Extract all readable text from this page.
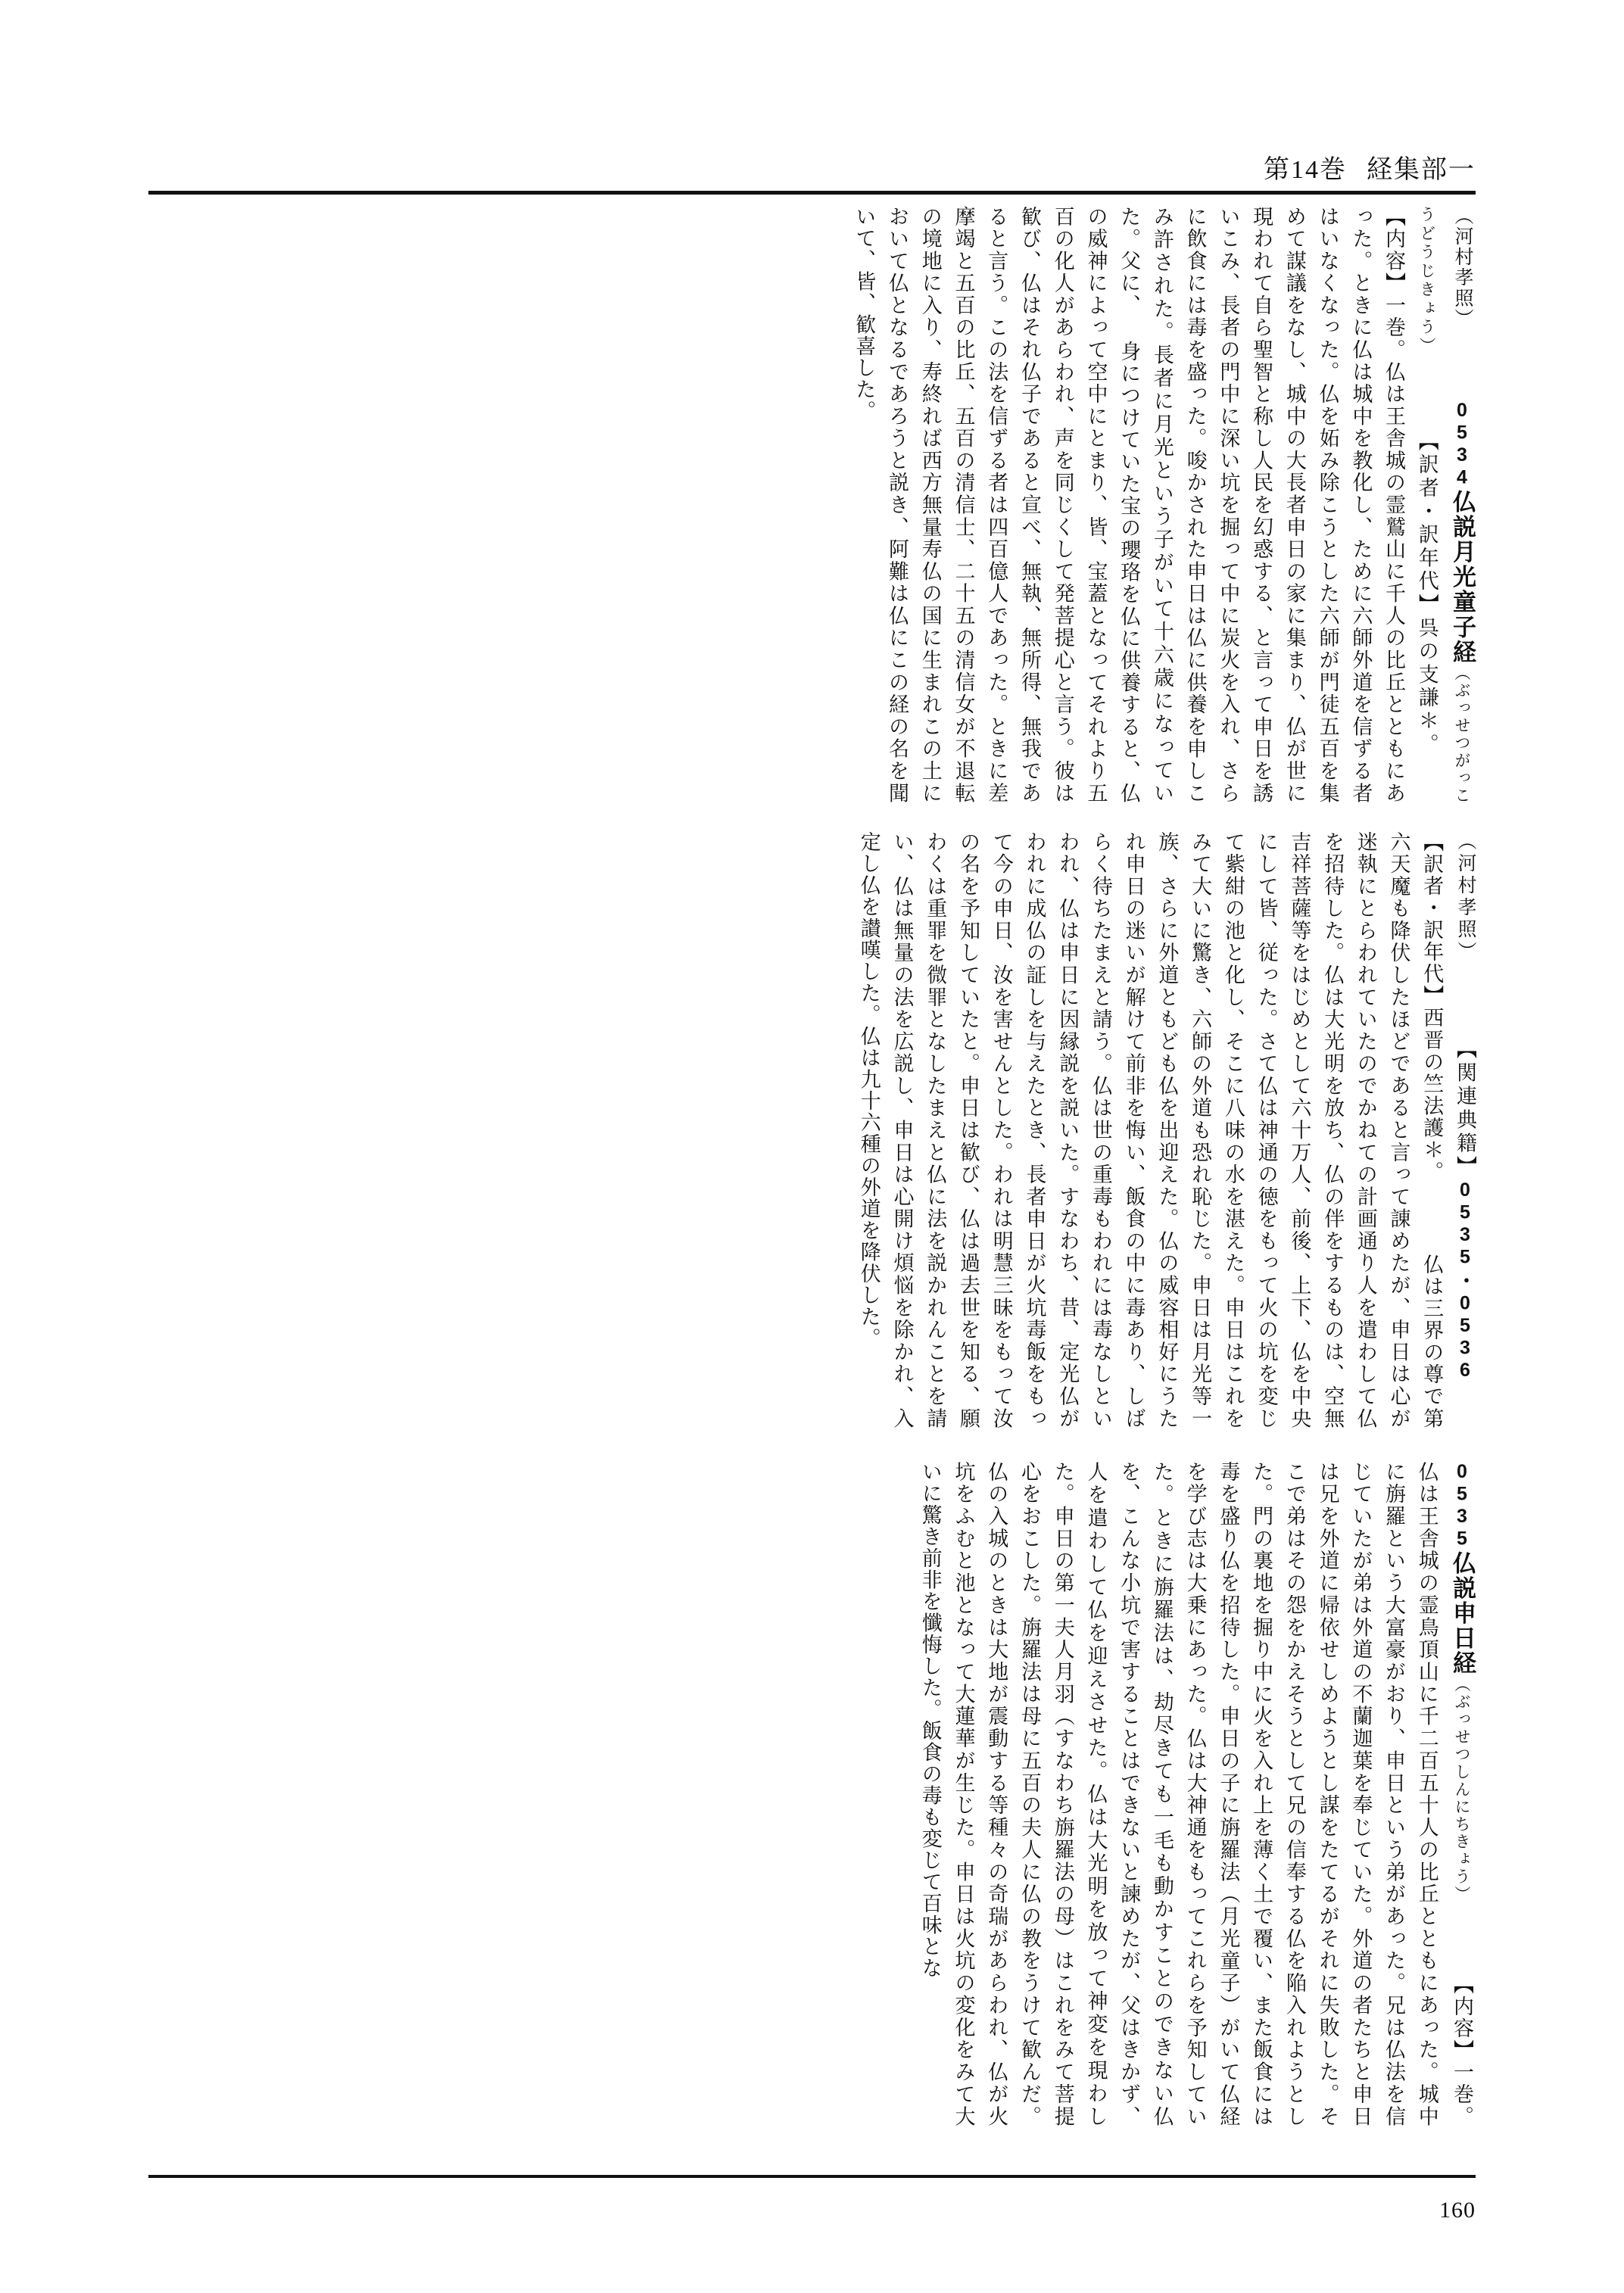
第14巻 経集部一
（河村孝照） 　 0534仏説月光童子経（ぶっせつがっこうどうじきょう） 　 【訳者・訳年代】呉の支謙＊。 　 【内容】一巻。仏は王舎城の霊鷲山に千人の比丘とともにあった。ときに仏は城中を教化し、ために六師外道を信ずる者はいなくなった。仏を妬み除こうとした六師が門徒五百を集めて謀議をなし、城中の大長者申日の家に集まり、仏が世に現われて自ら聖智と称し人民を幻惑する、と言って申日を誘いこみ、長者の門中に深い坑を掘って中に炭火を入れ、さらに飲食には毒を盛った。唆かされた申日は仏に供養を申しこみ許された。長者に月光という子がいて十六歳になっていた。父に、 身につけていた宝の瓔珞を仏に供養すると、仏の威神によって空中にとまり、皆、宝蓋となってそれより五百の化人があらわれ、声を同じくして発菩提心と言う。彼は歓び、仏はそれ仏子であると宣べ、無執、無所得、無我であると言う。この法を信ずる者は四百億人であった。ときに差摩竭と五百の比丘、五百の清信士、二十五の清信女が不退転の境地に入り、寿終れば西方無量寿仏の国に生まれこの土において仏となるであろうと説き、阿難は仏にこの経の名を聞いて、皆、歓喜した。
（河村孝照） 　 【関連典籍】0535・0536 　 【訳者・訳年代】西晋の竺法護＊。 　 仏は三界の尊で第六天魔も降伏したほどであると言って諌めたが、申日は心が迷執にとらわれていたのでかねての計画通り人を遣わして仏を招待した。仏は大光明を放ち、仏の伴をするものは、空無吉祥菩薩等をはじめとして六十万人、前後、上下、仏を中央にして皆、従った。さて仏は神通の徳をもって火の坑を変じて紫紺の池と化し、そこに八味の水を湛えた。申日はこれをみて大いに驚き、六師の外道も恐れ恥じた。申日は月光等一族、さらに外道ともども仏を出迎えた。仏の威容相好にうたれ申日の迷いが解けて前非を悔い、飯食の中に毒あり、しばらく待ちたまえと請う。仏は世の重毒もわれには毒なしといわれ、仏は申日に因縁説を説いた。すなわち、昔、定光仏がわれに成仏の証しを与えたとき、長者申日が火坑毒飯をもって今の申日、汝を害せんとした。われは明慧三昧をもって汝の名を予知していたと。申日は歓び、仏は過去世を知る、願わくは重罪を微罪となしたまえと仏に法を説かれんことを請い、仏は無量の法を広説し、申日は心開け煩悩を除かれ、入定し仏を讃嘆した。仏は九十六種の外道を降伏した。
0535仏説申日経（ぶっせつしんにちきょう） 　 【内容】一巻。仏は王舎城の霊鳥頂山に千二百五十人の比丘とともにあった。城中に旃羅という大富豪がおり、申日という弟があった。兄は仏法を信じていたが弟は外道の不蘭迦葉を奉じていた。外道の者たちと申日は兄を外道に帰依せしめようとし謀をたてるがそれに失敗した。そこで弟はその怨をかえそうとして兄の信奉する仏を陥入れようとした。門の裏地を掘り中に火を入れ上を薄く土で覆い、また飯食には毒を盛り仏を招待した。申日の子に旃羅法（月光童子）がいて仏経を学び志は大乗にあった。仏は大神通をもってこれらを予知していた。ときに旃羅法は、劫尽きても一毛も動かすことのできない仏を、こんな小坑で害することはできないと諫めたが、父はきかず、人を遣わして仏を迎えさせた。仏は大光明を放って神変を現わした。申日の第一夫人月羽（すなわち旃羅法の母）はこれをみて菩提心をおこした。旃羅法は母に五百の夫人に仏の教をうけて歓んだ。仏の入城のときは大地が震動する等種々の奇瑞があらわれ、仏が火坑をふむと池となって大蓮華が生じた。申日は火坑の変化をみて大いに驚き前非を懺悔した。飯食の毒も変じて百味とな
160
